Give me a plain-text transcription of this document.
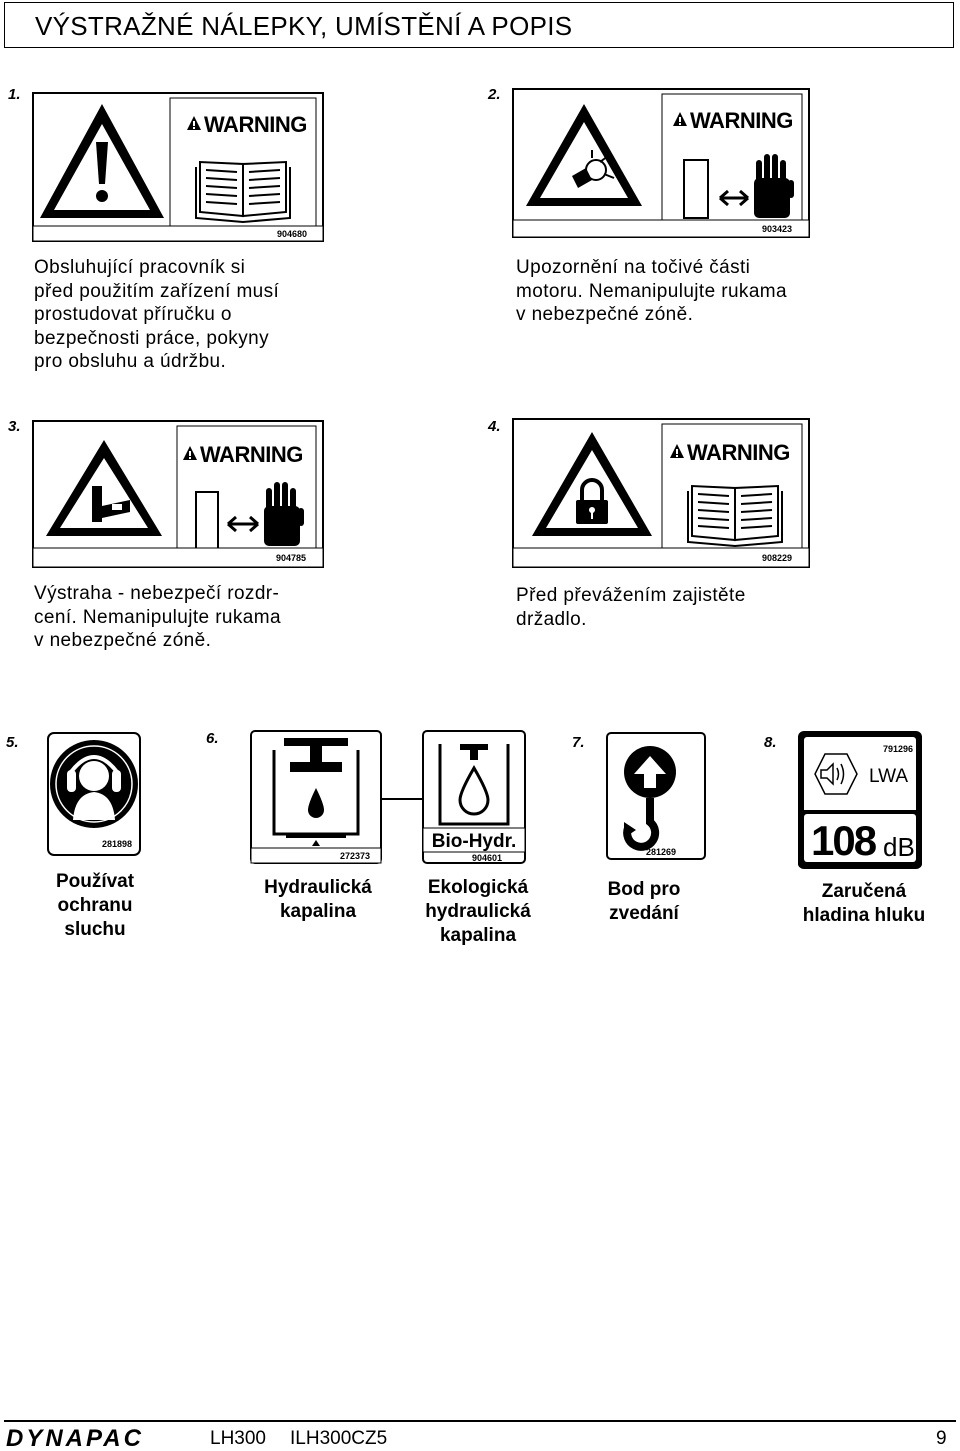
VÝSTRAŽNÉ NÁLEPKY, UMÍSTĚNÍ A POPIS
1.
WARNING
904680
Obsluhující pracovník si
před použitím zařízení musí
prostudovat příručku o
bezpečnosti práce, pokyny
pro obsluhu a údržbu.
2.
WARNING
903423
Upozornění na točivé části
motoru. Nemanipulujte rukama
v nebezpečné zóně.
3.
WARNING
904785
Výstraha - nebezpečí rozdr-
cení. Nemanipulujte rukama
v nebezpečné zóně.
4.
WARNING
908229
Před převážením zajistěte
držadlo.
5.
281898
Používat
ochranu
sluchu
6.
272373
Hydraulická
kapalina
Bio-Hydr.
904601
Ekologická
hydraulická
kapalina
7.
281269
Bod pro
zvedání
8.	791296
LWA
108 dB
Zaručená
hladina hluku
DYNAPAC	LH300 ILH300CZ5	9
